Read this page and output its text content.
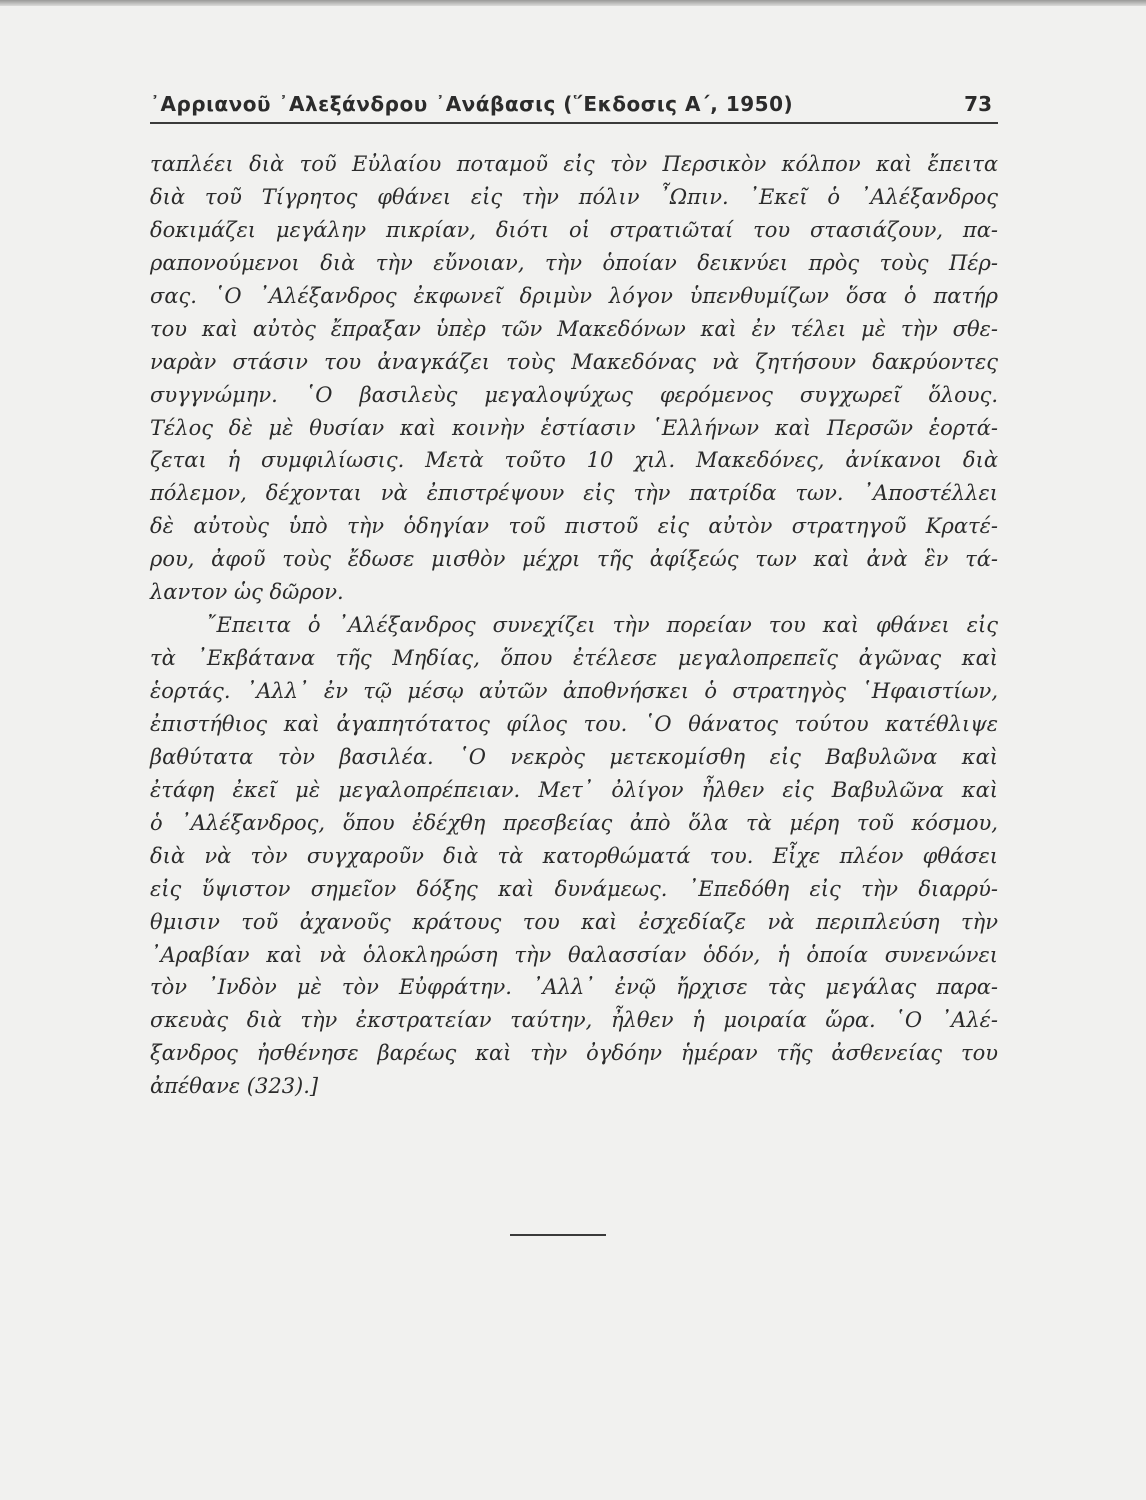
᾿Αρριανοῦ ᾿Αλεξάνδρου ᾿Ανάβασις (῞Εκδοσις Α΄, 1950)	73
ταπλέει διὰ τοῦ Εὐλαίου ποταμοῦ εἰς τὸν Περσικὸν κόλπον καὶ ἔπειτα
διὰ τοῦ Τίγρητος φθάνει εἰς τὴν πόλιν ῏Ωπιν. ᾿Εκεῖ ὁ ᾿Αλέξανδρος
δοκιμάζει μεγάλην πικρίαν, διότι οἱ στρατιῶταί του στασιάζουν, πα-
ραπονούμενοι διὰ τὴν εὔνοιαν, τὴν ὁποίαν δεικνύει πρὸς τοὺς Πέρ-
σας. ῾Ο ᾿Αλέξανδρος ἐκφωνεῖ δριμὺν λόγον ὑπενθυμίζων ὅσα ὁ πατήρ
του καὶ αὐτὸς ἔπραξαν ὑπὲρ τῶν Μακεδόνων καὶ ἐν τέλει μὲ τὴν σθε-
ναρὰν στάσιν του ἀναγκάζει τοὺς Μακεδόνας νὰ ζητήσουν δακρύοντες
συγγνώμην. ῾Ο βασιλεὺς μεγαλοψύχως φερόμενος συγχωρεῖ ὅλους.
Τέλος δὲ μὲ θυσίαν καὶ κοινὴν ἑστίασιν ῾Ελλήνων καὶ Περσῶν ἑορτά-
ζεται ἡ συμφιλίωσις. Μετὰ τοῦτο 10 χιλ. Μακεδόνες, ἀνίκανοι διὰ
πόλεμον, δέχονται νὰ ἐπιστρέψουν εἰς τὴν πατρίδα των. ᾿Αποστέλλει
δὲ αὐτοὺς ὑπὸ τὴν ὁδηγίαν τοῦ πιστοῦ εἰς αὐτὸν στρατηγοῦ Κρατέ-
ρου, ἀφοῦ τοὺς ἔδωσε μισθὸν μέχρι τῆς ἀφίξεώς των καὶ ἀνὰ ἓν τά-
λαντον ὡς δῶρον.
῎Επειτα ὁ ᾿Αλέξανδρος συνεχίζει τὴν πορείαν του καὶ φθάνει εἰς
τὰ ᾿Εκβάτανα τῆς Μηδίας, ὅπου ἐτέλεσε μεγαλοπρεπεῖς ἀγῶνας καὶ
ἑορτάς. ᾿Αλλ᾿ ἐν τῷ μέσῳ αὐτῶν ἀποθνήσκει ὁ στρατηγὸς ῾Ηφαιστίων,
ἐπιστήθιος καὶ ἀγαπητότατος φίλος του. ῾Ο θάνατος τούτου κατέθλιψε
βαθύτατα τὸν βασιλέα. ῾Ο νεκρὸς μετεκομίσθη εἰς Βαβυλῶνα καὶ
ἐτάφη ἐκεῖ μὲ μεγαλοπρέπειαν. Μετ᾿ ὀλίγον ἦλθεν εἰς Βαβυλῶνα καὶ
ὁ ᾿Αλέξανδρος, ὅπου ἐδέχθη πρεσβείας ἀπὸ ὅλα τὰ μέρη τοῦ κόσμου,
διὰ νὰ τὸν συγχαροῦν διὰ τὰ κατορθώματά του. Εἶχε πλέον φθάσει
εἰς ὕψιστον σημεῖον δόξης καὶ δυνάμεως. ᾿Επεδόθη εἰς τὴν διαρρύ-
θμισιν τοῦ ἀχανοῦς κράτους του καὶ ἐσχεδίαζε νὰ περιπλεύση τὴν
᾿Αραβίαν καὶ νὰ ὁλοκληρώση τὴν θαλασσίαν ὁδόν, ἡ ὁποία συνενώνει
τὸν ᾿Ινδὸν μὲ τὸν Εὐφράτην. ᾿Αλλ᾿ ἐνῷ ἤρχισε τὰς μεγάλας παρα-
σκευὰς διὰ τὴν ἐκστρατείαν ταύτην, ἦλθεν ἡ μοιραία ὥρα. ῾Ο ᾿Αλέ-
ξανδρος ἠσθένησε βαρέως καὶ τὴν ὀγδόην ἡμέραν τῆς ἀσθενείας του
ἀπέθανε (323).]
